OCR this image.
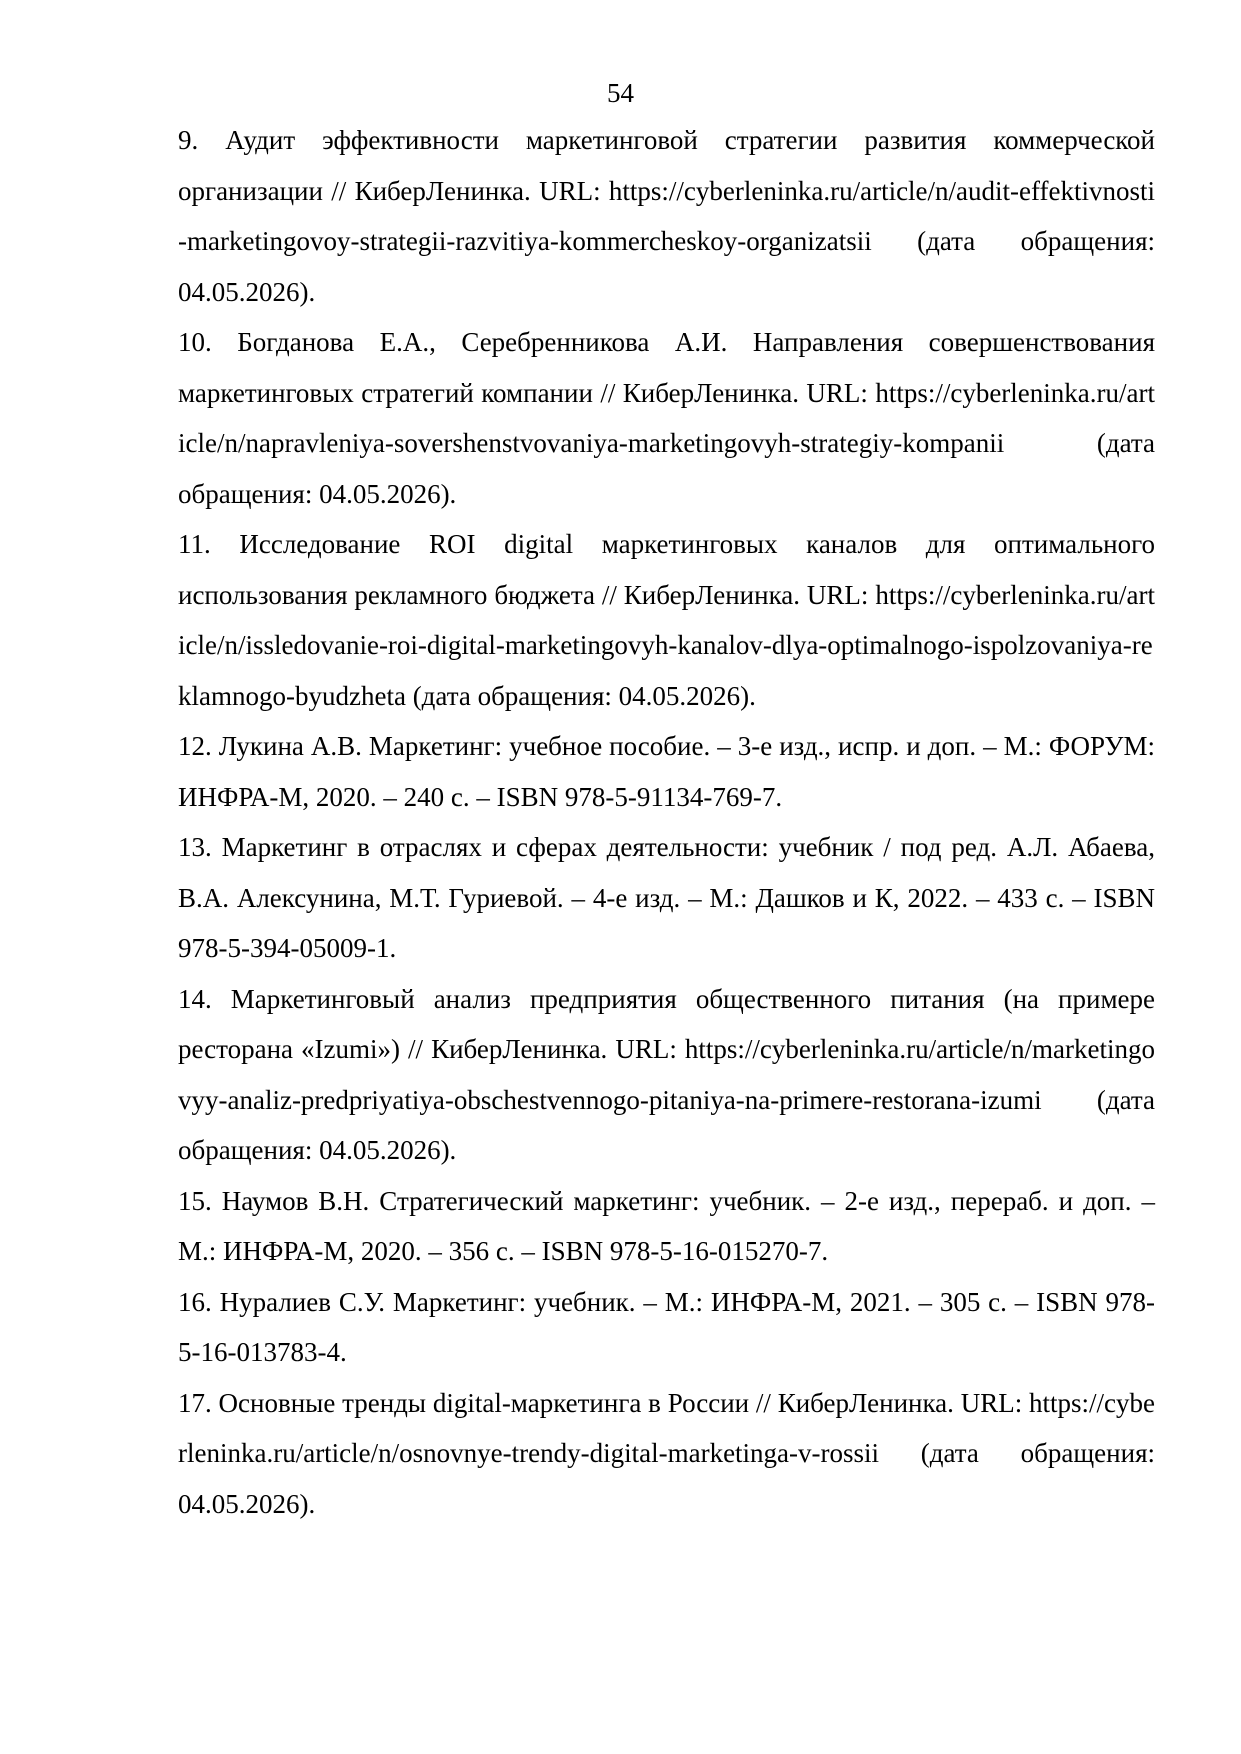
54

9. Аудит эффективности маркетинговой стратегии развития коммерческой организации // КиберЛенинка. URL: https://cyberleninka.ru/article/n/audit-effektivnosti-marketingovoy-strategii-razvitiya-kommercheskoy-organizatsii (дата обращения: 04.05.2026).

10. Богданова Е.А., Серебренникова А.И. Направления совершенствования маркетинговых стратегий компании // КиберЛенинка. URL: https://cyberleninka.ru/article/n/napravleniya-sovershenstvovaniya-marketingovyh-strategiy-kompanii (дата обращения: 04.05.2026).

11. Исследование ROI digital маркетинговых каналов для оптимального использования рекламного бюджета // КиберЛенинка. URL: https://cyberleninka.ru/article/n/issledovanie-roi-digital-marketingovyh-kanalov-dlya-optimalnogo-ispolzovaniya-reklamnogo-byudzheta (дата обращения: 04.05.2026).

12. Лукина А.В. Маркетинг: учебное пособие. – 3-е изд., испр. и доп. – М.: ФОРУМ: ИНФРА-М, 2020. – 240 с. – ISBN 978-5-91134-769-7.

13. Маркетинг в отраслях и сферах деятельности: учебник / под ред. А.Л. Абаева, В.А. Алексунина, М.Т. Гуриевой. – 4-е изд. – М.: Дашков и К, 2022. – 433 с. – ISBN 978-5-394-05009-1.

14. Маркетинговый анализ предприятия общественного питания (на примере ресторана «Izumi») // КиберЛенинка. URL: https://cyberleninka.ru/article/n/marketingovyy-analiz-predpriyatiya-obschestvennogo-pitaniya-na-primere-restorana-izumi (дата обращения: 04.05.2026).

15. Наумов В.Н. Стратегический маркетинг: учебник. – 2-е изд., перераб. и доп. – М.: ИНФРА-М, 2020. – 356 с. – ISBN 978-5-16-015270-7.

16. Нуралиев С.У. Маркетинг: учебник. – М.: ИНФРА-М, 2021. – 305 с. – ISBN 978-5-16-013783-4.

17. Основные тренды digital-маркетинга в России // КиберЛенинка. URL: https://cyberleninka.ru/article/n/osnovnye-trendy-digital-marketinga-v-rossii (дата обращения: 04.05.2026).
